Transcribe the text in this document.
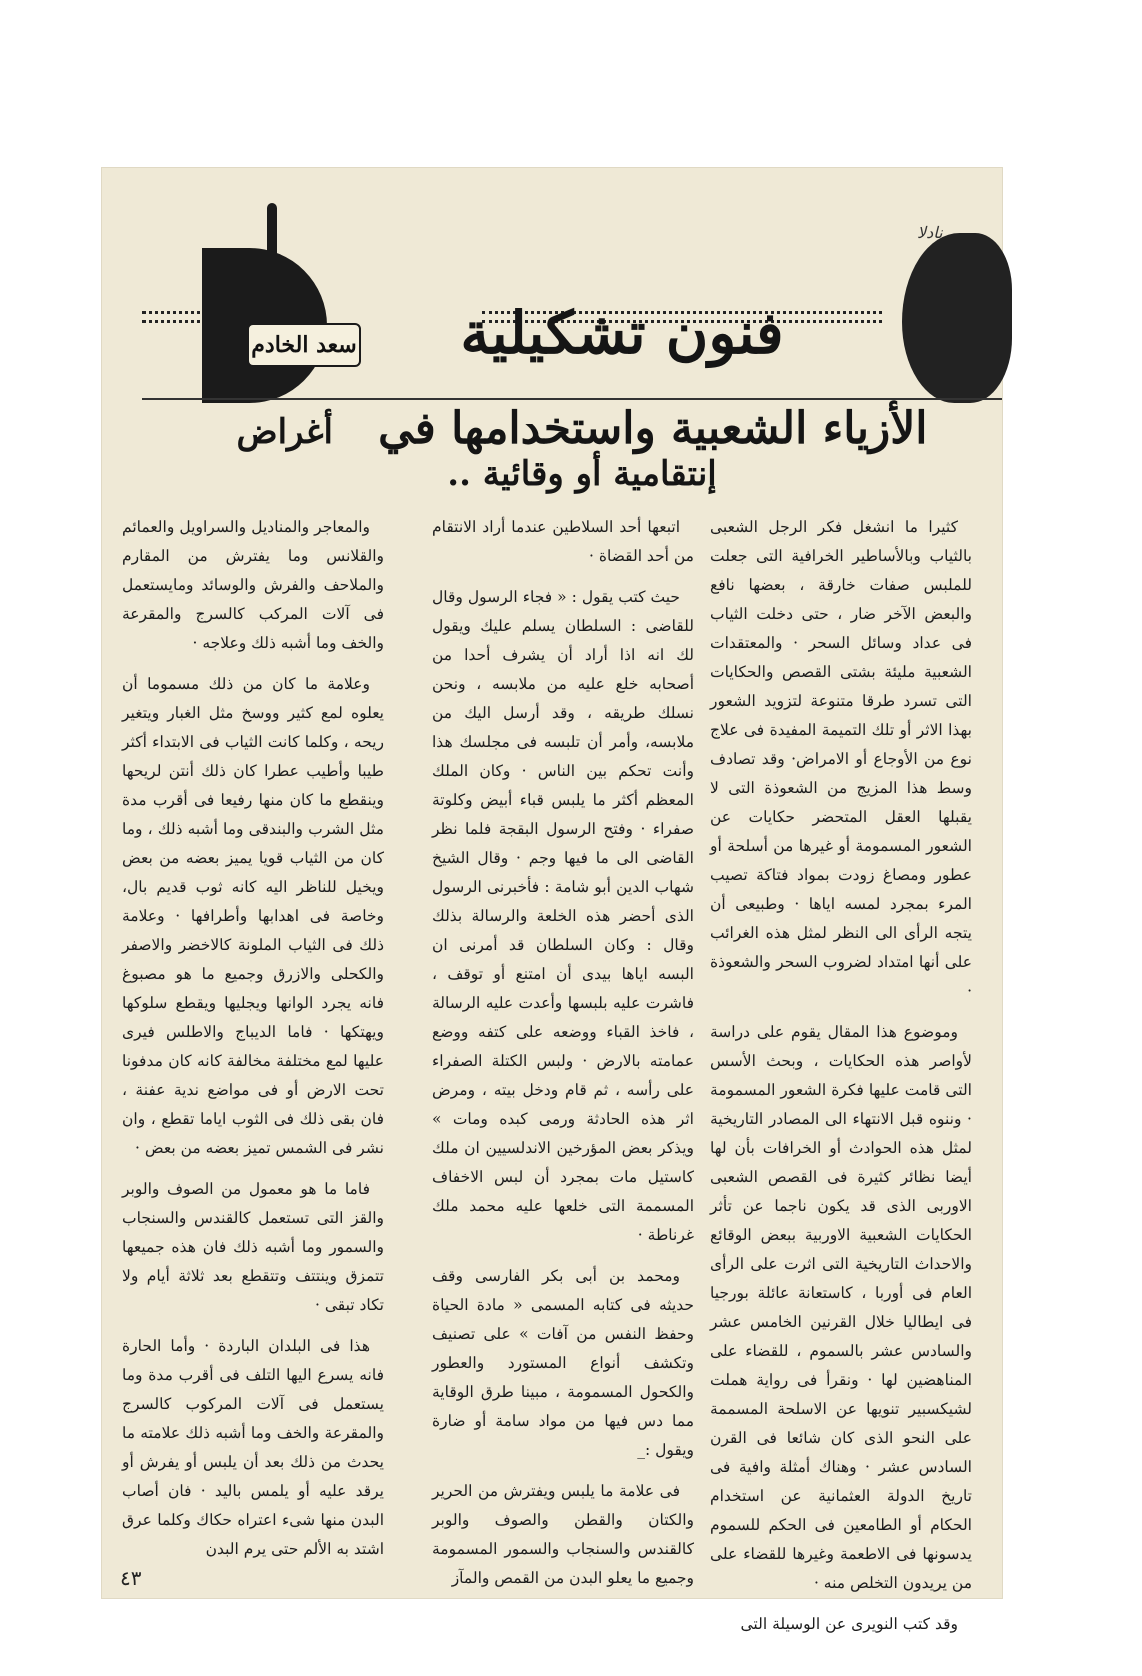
سعد الخادم	فنون تشكيلية
نادلا
الأزياء الشعبية واستخدامها في أغراض إنتقامية أو وقائية ..

كثيرا ما انشغل فكر الرجل الشعبى بالثياب وبالأساطير الخرافية التى جعلت للملبس صفات خارقة ، بعضها نافع والبعض الآخر ضار ، حتى دخلت الثياب فى عداد وسائل السحر · والمعتقدات الشعبية مليئة بشتى القصص والحكايات التى تسرد طرقا متنوعة لتزويد الشعور بهذا الاثر أو تلك التميمة المفيدة فى علاج نوع من الأوجاع أو الامراض· وقد تصادف وسط هذا المزيج من الشعوذة التى لا يقبلها العقل المتحضر حكايات عن الشعور المسمومة أو غيرها من أسلحة أو عطور ومصاغ زودت بمواد فتاكة تصيب المرء بمجرد لمسه اياها · وطبيعى أن يتجه الرأى الى النظر لمثل هذه الغرائب على أنها امتداد لضروب السحر والشعوذة ·

وموضوع هذا المقال يقوم على دراسة لأواصر هذه الحكايات ، وبحث الأسس التى قامت عليها فكرة الشعور المسمومة · وننوه قبل الانتهاء الى المصادر التاريخية لمثل هذه الحوادث أو الخرافات بأن لها أيضا نظائر كثيرة فى القصص الشعبى الاوربى الذى قد يكون ناجما عن تأثر الحكايات الشعبية الاوربية ببعض الوقائع والاحداث التاريخية التى اثرت على الرأى العام فى أوربا ، كاستعانة عائلة بورجيا فى ايطاليا خلال القرنين الخامس عشر والسادس عشر بالسموم ، للقضاء على المناهضين لها · ونقرأ فى رواية هملت لشيكسبير تنويها عن الاسلحة المسممة على النحو الذى كان شائعا فى القرن السادس عشر · وهناك أمثلة وافية فى تاريخ الدولة العثمانية عن استخدام الحكام أو الطامعين فى الحكم للسموم يدسونها فى الاطعمة وغيرها للقضاء على من يريدون التخلص منه ·

وقد كتب النويرى عن الوسيلة التى

اتبعها أحد السلاطين عندما أراد الانتقام من أحد القضاة ·

حيث كتب يقول : « فجاء الرسول وقال للقاضى : السلطان يسلم عليك ويقول لك انه اذا أراد أن يشرف أحدا من أصحابه خلع عليه من ملابسه ، ونحن نسلك طريقه ، وقد أرسل اليك من ملابسه، وأمر أن تلبسه فى مجلسك هذا وأنت تحكم بين الناس · وكان الملك المعظم أكثر ما يلبس قباء أبيض وكلوتة صفراء · وفتح الرسول البقجة فلما نظر القاضى الى ما فيها وجم · وقال الشيخ شهاب الدين أبو شامة : فأخبرنى الرسول الذى أحضر هذه الخلعة والرسالة بذلك وقال : وكان السلطان قد أمرنى ان البسه اياها بيدى أن امتنع أو توقف ، فاشرت عليه بلبسها وأعدت عليه الرسالة ، فاخذ القباء ووضعه على كتفه ووضع عمامته بالارض · ولبس الكتلة الصفراء على رأسه ، ثم قام ودخل بيته ، ومرض اثر هذه الحادثة ورمى كبده ومات » ويذكر بعض المؤرخين الاندلسيين ان ملك كاستيل مات بمجرد أن لبس الاخفاف المسممة التى خلعها عليه محمد ملك غرناطة ·

ومحمد بن أبى بكر الفارسى وقف حديثه فى كتابه المسمى « مادة الحياة وحفظ النفس من آفات » على تصنيف وتكشف أنواع المستورد والعطور والكحول المسمومة ، مبينا طرق الوقاية مما دس فيها من مواد سامة أو ضارة ويقول :_

فى علامة ما يلبس ويفترش من الحرير والكتان والقطن والصوف والوبر كالقندس والسنجاب والسمور المسمومة وجميع ما يعلو البدن من القمص والمآز

والمعاجر والمناديل والسراويل والعمائم والقلانس وما يفترش من المقارم والملاحف والفرش والوسائد ومايستعمل فى آلات المركب كالسرج والمقرعة والخف وما أشبه ذلك وعلاجه ·

وعلامة ما كان من ذلك مسموما أن يعلوه لمع كثير ووسخ مثل الغبار ويتغير ريحه ، وكلما كانت الثياب فى الابتداء أكثر طيبا وأطيب عطرا كان ذلك أنتن لريحها وينقطع ما كان منها رفيعا فى أقرب مدة مثل الشرب والبندقى وما أشبه ذلك ، وما كان من الثياب قويا يميز بعضه من بعض ويخيل للناظر اليه كانه ثوب قديم بال، وخاصة فى اهدابها وأطرافها · وعلامة ذلك فى الثياب الملونة كالاخضر والاصفر والكحلى والازرق وجميع ما هو مصبوغ فانه يجرد الوانها ويجليها ويقطع سلوكها ويهتكها · فاما الديباج والاطلس فيرى عليها لمع مختلفة مخالفة كانه كان مدفونا تحت الارض أو فى مواضع ندية عفنة ، فان بقى ذلك فى الثوب اياما تقطع ، وان نشر فى الشمس تميز بعضه من بعض ·

فاما ما هو معمول من الصوف والوبر والقز التى تستعمل كالقندس والسنجاب والسمور وما أشبه ذلك فان هذه جميعها تتمزق وينتتف وتتقطع بعد ثلاثة أيام ولا تكاد تبقى ·

هذا فى البلدان الباردة · وأما الحارة فانه يسرع اليها التلف فى أقرب مدة وما يستعمل فى آلات المركوب كالسرج والمقرعة والخف وما أشبه ذلك علامته ما يحدث من ذلك بعد أن يلبس أو يفرش أو يرقد عليه أو يلمس باليد · فان أصاب البدن منها شىء اعتراه حكاك وكلما عرق اشتد به الألم حتى يرم البدن

٤٣
